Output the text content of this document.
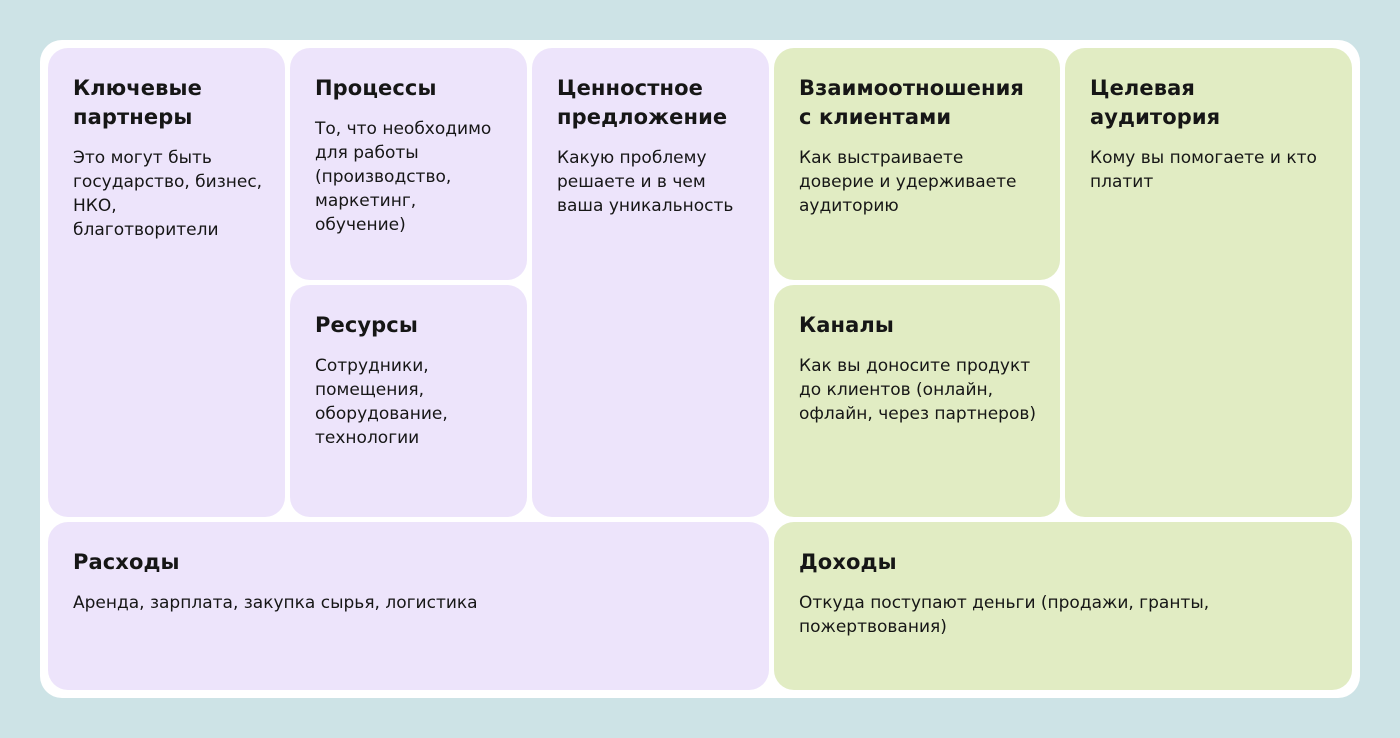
Ключевые партнеры

Это могут быть государство, бизнес, НКО, благотворители

Процессы

То, что необходимо для работы (производство, маркетинг, обучение)

Ресурсы

Сотрудники, помещения, оборудование, технологии

Ценностное предложение

Какую проблему решаете и в чем ваша уникальность

Взаимоотношения с клиентами

Как выстраиваете доверие и удерживаете аудиторию

Каналы

Как вы доносите продукт до клиентов (онлайн, офлайн, через партнеров)

Целевая аудитория

Кому вы помогаете и кто платит

Расходы

Аренда, зарплата, закупка сырья, логистика

Доходы

Откуда поступают деньги (продажи, гранты, пожертвования)
